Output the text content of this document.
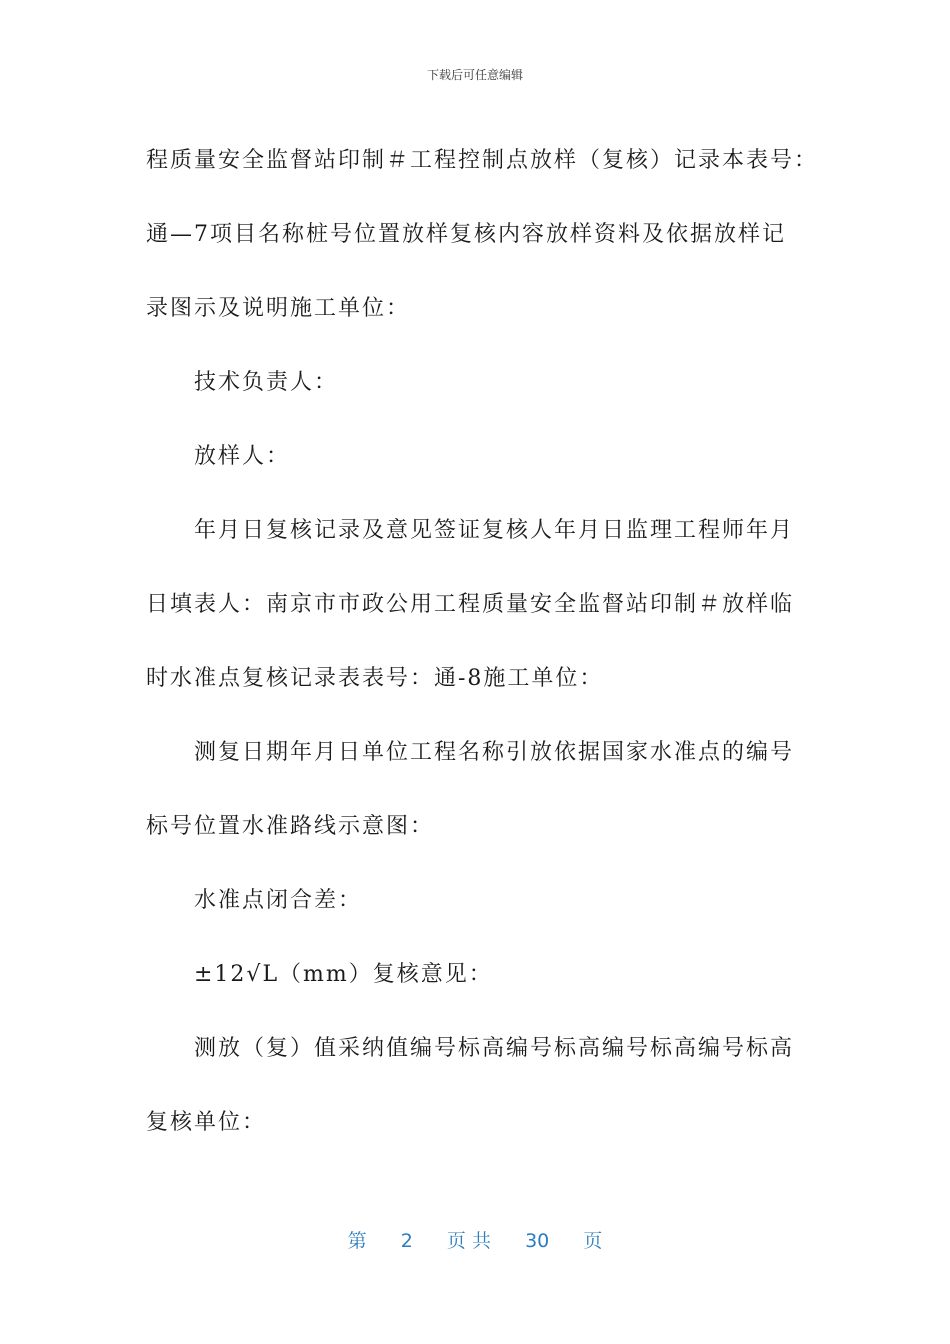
下载后可任意编辑

程质量安全监督站印制＃工程控制点放样（复核）记录本表号：

通—7项目名称桩号位置放样复核内容放样资料及依据放样记

录图示及说明施工单位：

技术负责人：

放样人：

年月日复核记录及意见签证复核人年月日监理工程师年月

日填表人：南京市市政公用工程质量安全监督站印制＃放样临

时水准点复核记录表表号：通-8施工单位：

测复日期年月日单位工程名称引放依据国家水准点的编号

标号位置水准路线示意图：

水准点闭合差：

±12√L（mm）复核意见：

测放（复）值采纳值编号标高编号标高编号标高编号标高

复核单位：

第 2 页 共 30 页
